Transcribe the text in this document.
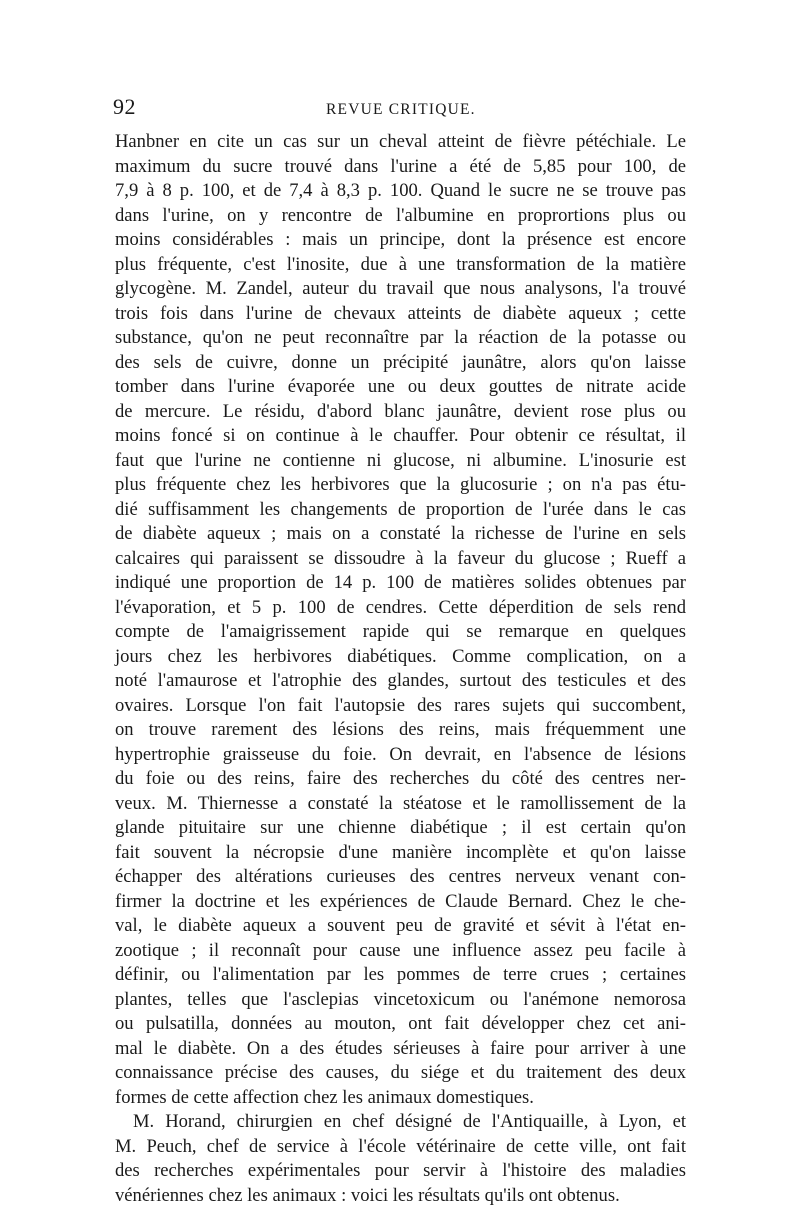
92	REVUE CRITIQUE.
Hanbner en cite un cas sur un cheval atteint de fièvre pétéchiale. Le
maximum du sucre trouvé dans l'urine a été de 5,85 pour 100, de
7,9 à 8 p. 100, et de 7,4 à 8,3 p. 100. Quand le sucre ne se trouve pas
dans l'urine, on y rencontre de l'albumine en proprortions plus ou
moins considérables : mais un principe, dont la présence est encore
plus fréquente, c'est l'inosite, due à une transformation de la matière
glycogène. M. Zandel, auteur du travail que nous analysons, l'a trouvé
trois fois dans l'urine de chevaux atteints de diabète aqueux ; cette
substance, qu'on ne peut reconnaître par la réaction de la potasse ou
des sels de cuivre, donne un précipité jaunâtre, alors qu'on laisse
tomber dans l'urine évaporée une ou deux gouttes de nitrate acide
de mercure. Le résidu, d'abord blanc jaunâtre, devient rose plus ou
moins foncé si on continue à le chauffer. Pour obtenir ce résultat, il
faut que l'urine ne contienne ni glucose, ni albumine. L'inosurie est
plus fréquente chez les herbivores que la glucosurie ; on n'a pas étu-
dié suffisamment les changements de proportion de l'urée dans le cas
de diabète aqueux ; mais on a constaté la richesse de l'urine en sels
calcaires qui paraissent se dissoudre à la faveur du glucose ; Rueff a
indiqué une proportion de 14 p. 100 de matières solides obtenues par
l'évaporation, et 5 p. 100 de cendres. Cette déperdition de sels rend
compte de l'amaigrissement rapide qui se remarque en quelques
jours chez les herbivores diabétiques. Comme complication, on a
noté l'amaurose et l'atrophie des glandes, surtout des testicules et des
ovaires. Lorsque l'on fait l'autopsie des rares sujets qui succombent,
on trouve rarement des lésions des reins, mais fréquemment une
hypertrophie graisseuse du foie. On devrait, en l'absence de lésions
du foie ou des reins, faire des recherches du côté des centres ner-
veux. M. Thiernesse a constaté la stéatose et le ramollissement de la
glande pituitaire sur une chienne diabétique ; il est certain qu'on
fait souvent la nécropsie d'une manière incomplète et qu'on laisse
échapper des altérations curieuses des centres nerveux venant con-
firmer la doctrine et les expériences de Claude Bernard. Chez le che-
val, le diabète aqueux a souvent peu de gravité et sévit à l'état en-
zootique ; il reconnaît pour cause une influence assez peu facile à
définir, ou l'alimentation par les pommes de terre crues ; certaines
plantes, telles que l'asclepias vincetoxicum ou l'anémone nemorosa
ou pulsatilla, données au mouton, ont fait développer chez cet ani-
mal le diabète. On a des études sérieuses à faire pour arriver à une
connaissance précise des causes, du siége et du traitement des deux
formes de cette affection chez les animaux domestiques.
M. Horand, chirurgien en chef désigné de l'Antiquaille, à Lyon, et
M. Peuch, chef de service à l'école vétérinaire de cette ville, ont fait
des recherches expérimentales pour servir à l'histoire des maladies
vénériennes chez les animaux : voici les résultats qu'ils ont obtenus.
